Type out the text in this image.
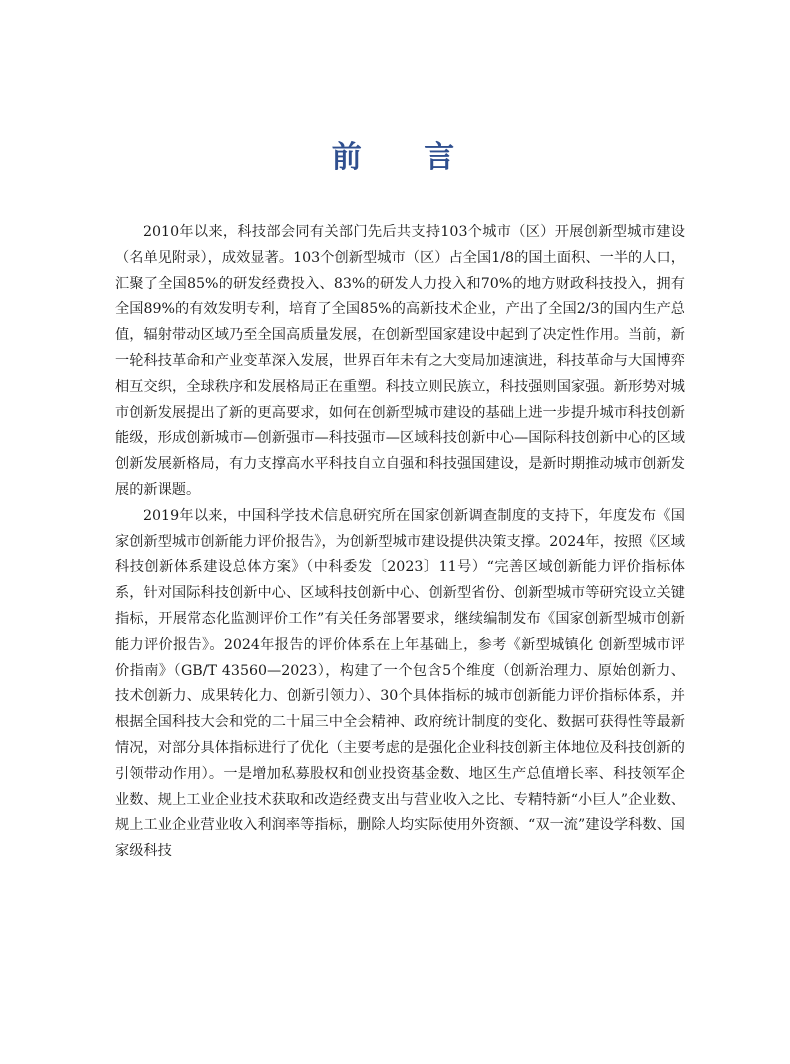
前 言

2010年以来，科技部会同有关部门先后共支持103个城市（区）开展创新型城市建设（名单见附录），成效显著。103个创新型城市（区）占全国1/8的国土面积、一半的人口，汇聚了全国85%的研发经费投入、83%的研发人力投入和70%的地方财政科技投入，拥有全国89%的有效发明专利，培育了全国85%的高新技术企业，产出了全国2/3的国内生产总值，辐射带动区域乃至全国高质量发展，在创新型国家建设中起到了决定性作用。当前，新一轮科技革命和产业变革深入发展，世界百年未有之大变局加速演进，科技革命与大国博弈相互交织，全球秩序和发展格局正在重塑。科技立则民族立，科技强则国家强。新形势对城市创新发展提出了新的更高要求，如何在创新型城市建设的基础上进一步提升城市科技创新能级，形成创新城市—创新强市—科技强市—区域科技创新中心—国际科技创新中心的区域创新发展新格局，有力支撑高水平科技自立自强和科技强国建设，是新时期推动城市创新发展的新课题。

2019年以来，中国科学技术信息研究所在国家创新调查制度的支持下，年度发布《国家创新型城市创新能力评价报告》，为创新型城市建设提供决策支撑。2024年，按照《区域科技创新体系建设总体方案》（中科委发〔2023〕11号）“完善区域创新能力评价指标体系，针对国际科技创新中心、区域科技创新中心、创新型省份、创新型城市等研究设立关键指标，开展常态化监测评价工作”有关任务部署要求，继续编制发布《国家创新型城市创新能力评价报告》。2024年报告的评价体系在上年基础上，参考《新型城镇化 创新型城市评价指南》（GB/T 43560—2023），构建了一个包含5个维度（创新治理力、原始创新力、技术创新力、成果转化力、创新引领力）、30个具体指标的城市创新能力评价指标体系，并根据全国科技大会和党的二十届三中全会精神、政府统计制度的变化、数据可获得性等最新情况，对部分具体指标进行了优化（主要考虑的是强化企业科技创新主体地位及科技创新的引领带动作用）。一是增加私募股权和创业投资基金数、地区生产总值增长率、科技领军企业数、规上工业企业技术获取和改造经费支出与营业收入之比、专精特新“小巨人”企业数、规上工业企业营业收入利润率等指标，删除人均实际使用外资额、“双一流”建设学科数、国家级科技
